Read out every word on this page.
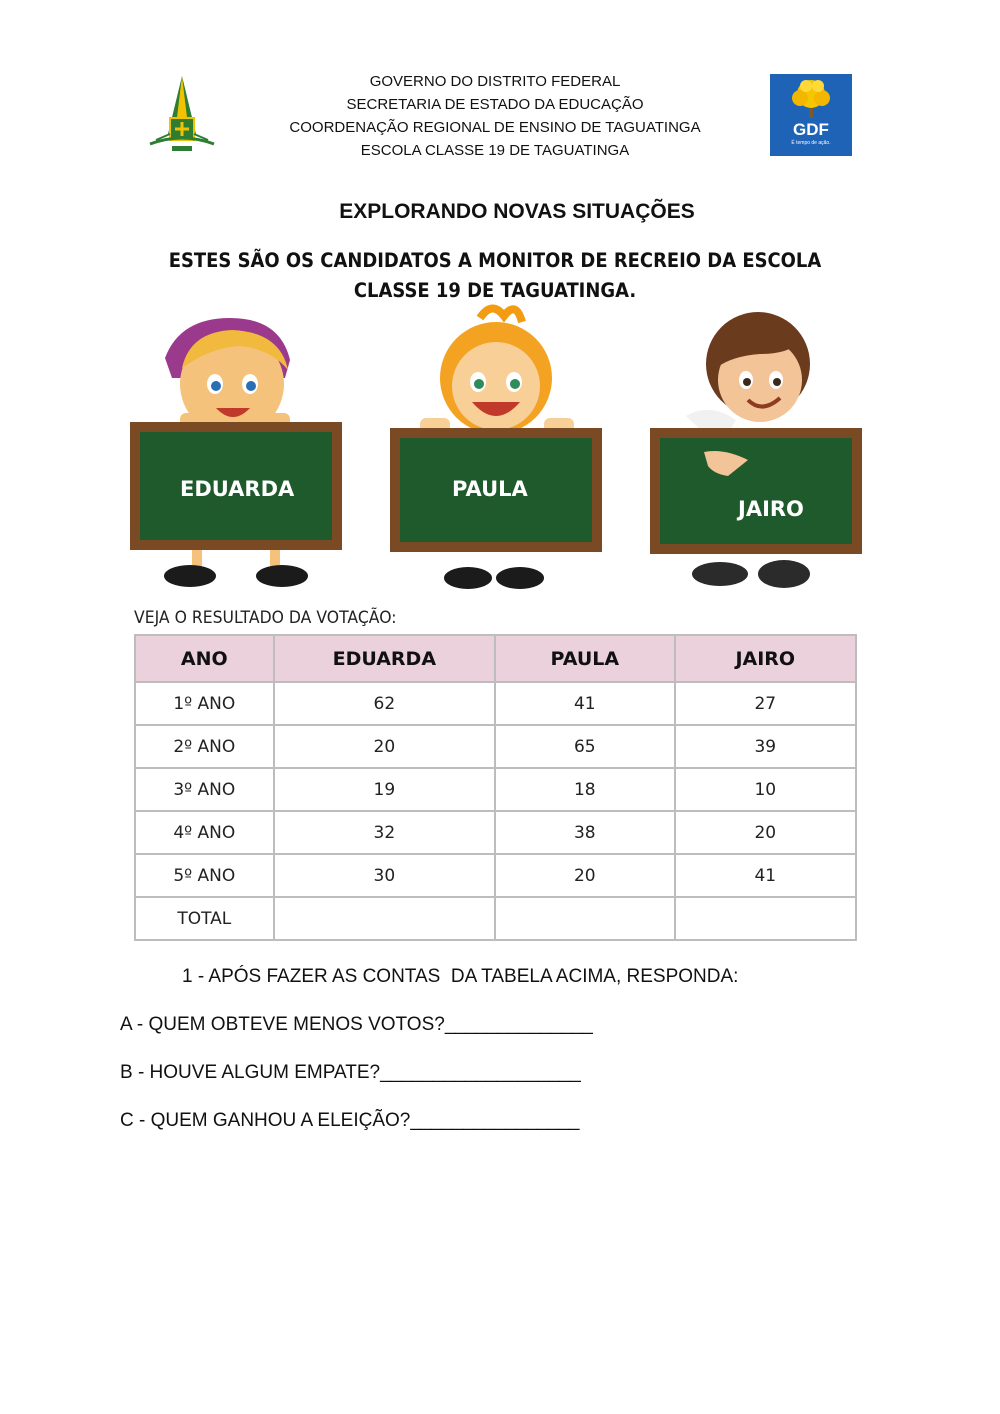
GOVERNO DO DISTRITO FEDERAL
SECRETARIA DE ESTADO DA EDUCAÇÃO
COORDENAÇÃO REGIONAL DE ENSINO DE TAGUATINGA
ESCOLA CLASSE 19 DE TAGUATINGA
GDF
É tempo de ação.
EXPLORANDO NOVAS SITUAÇÕES
ESTES SÃO OS CANDIDATOS A MONITOR DE RECREIO DA ESCOLA
CLASSE 19 DE TAGUATINGA.
EDUARDA	PAULA
JAIRO
VEJA O RESULTADO DA VOTAÇÃO:
ANO	EDUARDA	PAULA	JAIRO
1º ANO	62	41	27
2º ANO	20	65	39
3º ANO	19	18	10
4º ANO	32	38	20
5º ANO	30	20	41
TOTAL			
1 - APÓS FAZER AS CONTAS  DA TABELA ACIMA, RESPONDA:
A - QUEM OBTEVE MENOS VOTOS?______________
B - HOUVE ALGUM EMPATE?___________________
C - QUEM GANHOU A ELEIÇÃO?________________
